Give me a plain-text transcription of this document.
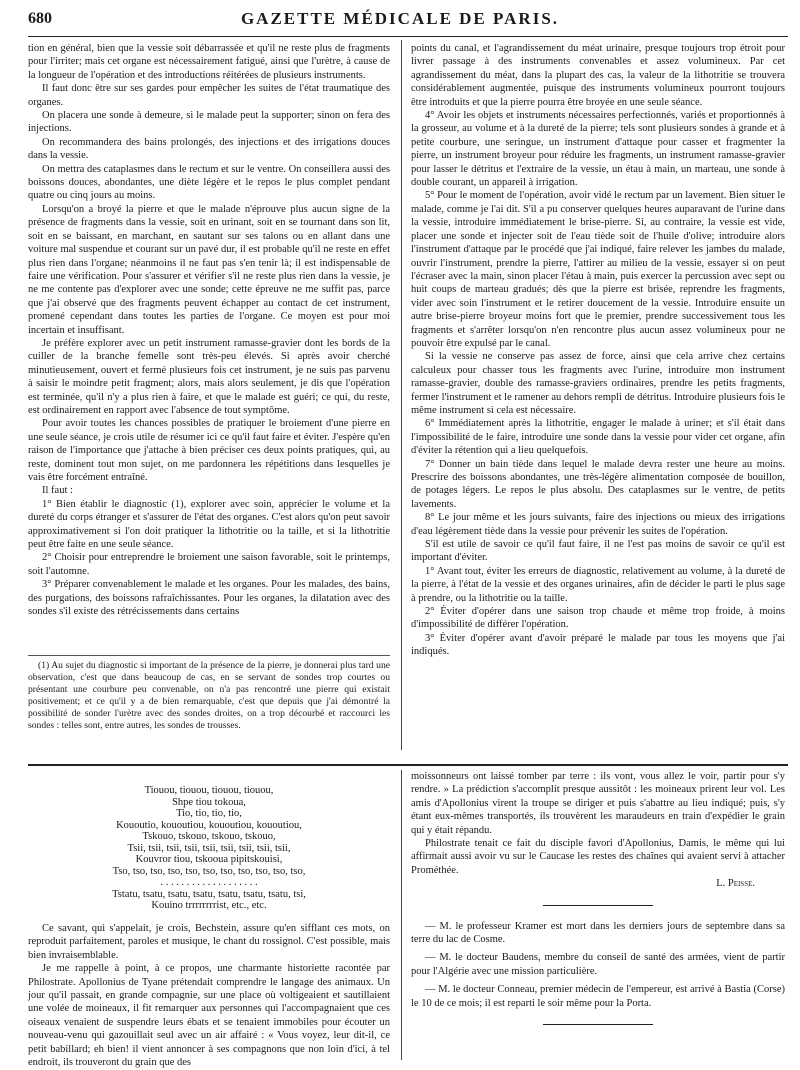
680	GAZETTE MÉDICALE DE PARIS.

tion en général, bien que la vessie soit débarrassée et qu'il ne reste plus de fragments pour l'irriter; mais cet organe est nécessairement fatigué, ainsi que l'urètre, à cause de la longueur de l'opération et des introductions réitérées de plusieurs instruments.

Il faut donc être sur ses gardes pour empêcher les suites de l'état traumatique des organes.

On placera une sonde à demeure, si le malade peut la supporter; sinon on fera des injections.

On recommandera des bains prolongés, des injections et des irrigations douces dans la vessie.

On mettra des cataplasmes dans le rectum et sur le ventre. On conseillera aussi des boissons douces, abondantes, une diète légère et le repos le plus complet pendant quatre ou cinq jours au moins.

Lorsqu'on a broyé la pierre et que le malade n'éprouve plus aucun signe de la présence de fragments dans la vessie, soit en urinant, soit en se tournant dans son lit, soit en se baissant, en marchant, en sautant sur ses talons ou en allant dans une voiture mal suspendue et courant sur un pavé dur, il est probable qu'il ne reste en effet plus rien dans l'organe; néanmoins il ne faut pas s'en tenir là; il est indispensable de faire une vérification. Pour s'assurer et vérifier s'il ne reste plus rien dans la vessie, je ne me contente pas d'explorer avec une sonde; cette épreuve ne me suffit pas, parce que j'ai observé que des fragments peuvent échapper au contact de cet instrument, promené cependant dans toutes les parties de l'organe. Ce moyen est pour moi incertain et insuffisant.

Je préfère explorer avec un petit instrument ramasse-gravier dont les bords de la cuiller de la branche femelle sont très-peu élevés. Si après avoir cherché minutieusement, ouvert et fermé plusieurs fois cet instrument, je ne suis pas parvenu à saisir le moindre petit fragment; alors, mais alors seulement, je dis que l'opération est terminée, qu'il n'y a plus rien à faire, et que le malade est guéri; ce qui, du reste, est ordinairement en rapport avec l'absence de tout symptôme.

Pour avoir toutes les chances possibles de pratiquer le broiement d'une pierre en une seule séance, je crois utile de résumer ici ce qu'il faut faire et éviter. J'espère qu'en raison de l'importance que j'attache à bien préciser ces deux points pratiques, qui, au reste, dominent tout mon sujet, on me pardonnera les répétitions dans lesquelles je vais être forcément entraîné.

Il faut :

1° Bien établir le diagnostic (1), explorer avec soin, apprécier le volume et la dureté du corps étranger et s'assurer de l'état des organes. C'est alors qu'on peut savoir approximativement si l'on doit pratiquer la lithotritie ou la taille, et si la lithotritie peut être faite en une seule séance.

2° Choisir pour entreprendre le broiement une saison favorable, soit le printemps, soit l'automne.

3° Préparer convenablement le malade et les organes. Pour les malades, des bains, des purgations, des boissons rafraîchissantes. Pour les organes, la dilatation avec des sondes s'il existe des rétrécissements dans certains

(1) Au sujet du diagnostic si important de la présence de la pierre, je donnerai plus tard une observation, c'est que dans beaucoup de cas, en se servant de sondes trop courtes ou présentant une courbure peu convenable, on n'a pas rencontré une pierre qui existait positivement; et ce qu'il y a de bien remarquable, c'est que depuis que j'ai démontré la possibilité de sonder l'urètre avec des sondes droites, on a trop décourbé et raccourci les sondes : telles sont, entre autres, les sondes de trousses.

points du canal, et l'agrandissement du méat urinaire, presque toujours trop étroit pour livrer passage à des instruments convenables et assez volumineux. Par cet agrandissement du méat, dans la plupart des cas, la valeur de la lithotritie se trouvera considérablement augmentée, puisque des instruments volumineux pourront toujours être introduits et que la pierre pourra être broyée en une seule séance.

4° Avoir les objets et instruments nécessaires perfectionnés, variés et proportionnés à la grosseur, au volume et à la dureté de la pierre; tels sont plusieurs sondes à grande et à petite courbure, une seringue, un instrument d'attaque pour casser et fragmenter la pierre, un instrument broyeur pour réduire les fragments, un instrument ramasse-gravier pour lasser le détritus et l'extraire de la vessie, un étau à main, un marteau, une sonde à double courant, un appareil à irrigation.

5° Pour le moment de l'opération, avoir vidé le rectum par un lavement. Bien situer le malade, comme je l'ai dit. S'il a pu conserver quelques heures auparavant de l'urine dans la vessie, introduire immédiatement le brise-pierre. Si, au contraire, la vessie est vide, placer une sonde et injecter soit de l'eau tiède soit de l'huile d'olive; introduire alors l'instrument d'attaque par le procédé que j'ai indiqué, faire relever les jambes du malade, ouvrir l'instrument, prendre la pierre, l'attirer au milieu de la vessie, essayer si on peut l'écraser avec la main, sinon placer l'étau à main, puis exercer la percussion avec sept ou huit coups de marteau gradués; dès que la pierre est brisée, reprendre les fragments, vider avec soin l'instrument et le retirer doucement de la vessie. Introduire ensuite un autre brise-pierre broyeur moins fort que le premier, prendre successivement tous les fragments et s'arrêter lorsqu'on n'en rencontre plus aucun assez volumineux pour ne pouvoir être expulsé par le canal.

Si la vessie ne conserve pas assez de force, ainsi que cela arrive chez certains calculeux pour chasser tous les fragments avec l'urine, introduire mon instrument ramasse-gravier, double des ramasse-graviers ordinaires, prendre les petits fragments, fermer l'instrument et le ramener au dehors rempli de détritus. Introduire plusieurs fois le même instrument si cela est nécessaire.

6° Immédiatement après la lithotritie, engager le malade à uriner; et s'il était dans l'impossibilité de le faire, introduire une sonde dans la vessie pour vider cet organe, afin d'éviter la rétention qui a lieu quelquefois.

7° Donner un bain tiède dans lequel le malade devra rester une heure au moins. Prescrire des boissons abondantes, une très-légère alimentation composée de bouillon, de potages légers. Le repos le plus absolu. Des cataplasmes sur le ventre, de petits lavements.

8° Le jour même et les jours suivants, faire des injections ou mieux des irrigations d'eau légèrement tiède dans la vessie pour prévenir les suites de l'opération.

S'il est utile de savoir ce qu'il faut faire, il ne l'est pas moins de savoir ce qu'il est important d'éviter.

1° Avant tout, éviter les erreurs de diagnostic, relativement au volume, à la dureté de la pierre, à l'état de la vessie et des organes urinaires, afin de décider le parti le plus sage à prendre, ou la lithotritie ou la taille.

2° Éviter d'opérer dans une saison trop chaude et même trop froide, à moins d'impossibilité de différer l'opération.

3° Éviter d'opérer avant d'avoir préparé le malade par tous les moyens que j'ai indiqués.

Tiouou, tiouou, tiouou, tiouou,
Shpe tiou tokoua,
Tio, tio, tio, tio,
Kououtio, kououtiou, kououtiou, kououtiou,
Tskouo, tskouo, tskouo, tskouo,
Tsii, tsii, tsii, tsii, tsii, tsii, tsii, tsii, tsii,
Kouvror tiou, tskooua pipitskouisi,
Tso, tso, tso, tso, tso, tso, tso, tso, tso, tso, tso,
. . . . . . . . . . . . . . . . . . .
Tstatu, tsatu, tsatu, tsatu, tsatu, tsatu, tsatu, tsi,
Kouino trrrrrrrrist, etc., etc.

Ce savant, qui s'appelait, je crois, Bechstein, assure qu'en sifflant ces mots, on reproduit parfaitement, paroles et musique, le chant du rossignol. C'est possible, mais bien invraisemblable.

Je me rappelle à point, à ce propos, une charmante historiette racontée par Philostrate. Apollonius de Tyane prétendait comprendre le langage des animaux. Un jour qu'il passait, en grande compagnie, sur une place où voltigeaient et sautillaient une volée de moineaux, il fit remarquer aux personnes qui l'accompagnaient que ces oiseaux venaient de suspendre leurs ébats et se tenaient immobiles pour écouter un nouveau-venu qui gazouillait seul avec un air affairé : « Vous voyez, leur dit-il, ce petit babillard; eh bien! il vient annoncer à ses compagnons que non loin d'ici, à tel endroit, ils trouveront du grain que des

moissonneurs ont laissé tomber par terre : ils vont, vous allez le voir, partir pour s'y rendre. » La prédiction s'accomplit presque aussitôt : les moineaux prirent leur vol. Les amis d'Apollonius virent la troupe se diriger et puis s'abattre au lieu indiqué; puis, s'y étant eux-mêmes transportés, ils trouvèrent les maraudeurs en train d'expédier le grain qui y était répandu.

Philostrate tenait ce fait du disciple favori d'Apollonius, Damis, le même qui lui affirmait aussi avoir vu sur le Caucase les restes des chaînes qui avaient servi à attacher Prométhée.

L. Peisse.

— M. le professeur Kramer est mort dans les derniers jours de septembre dans sa terre du lac de Cosme.

— M. le docteur Baudens, membre du conseil de santé des armées, vient de partir pour l'Algérie avec une mission particulière.

— M. le docteur Conneau, premier médecin de l'empereur, est arrivé à Bastia (Corse) le 10 de ce mois; il est reparti le soir même pour la Porta.
